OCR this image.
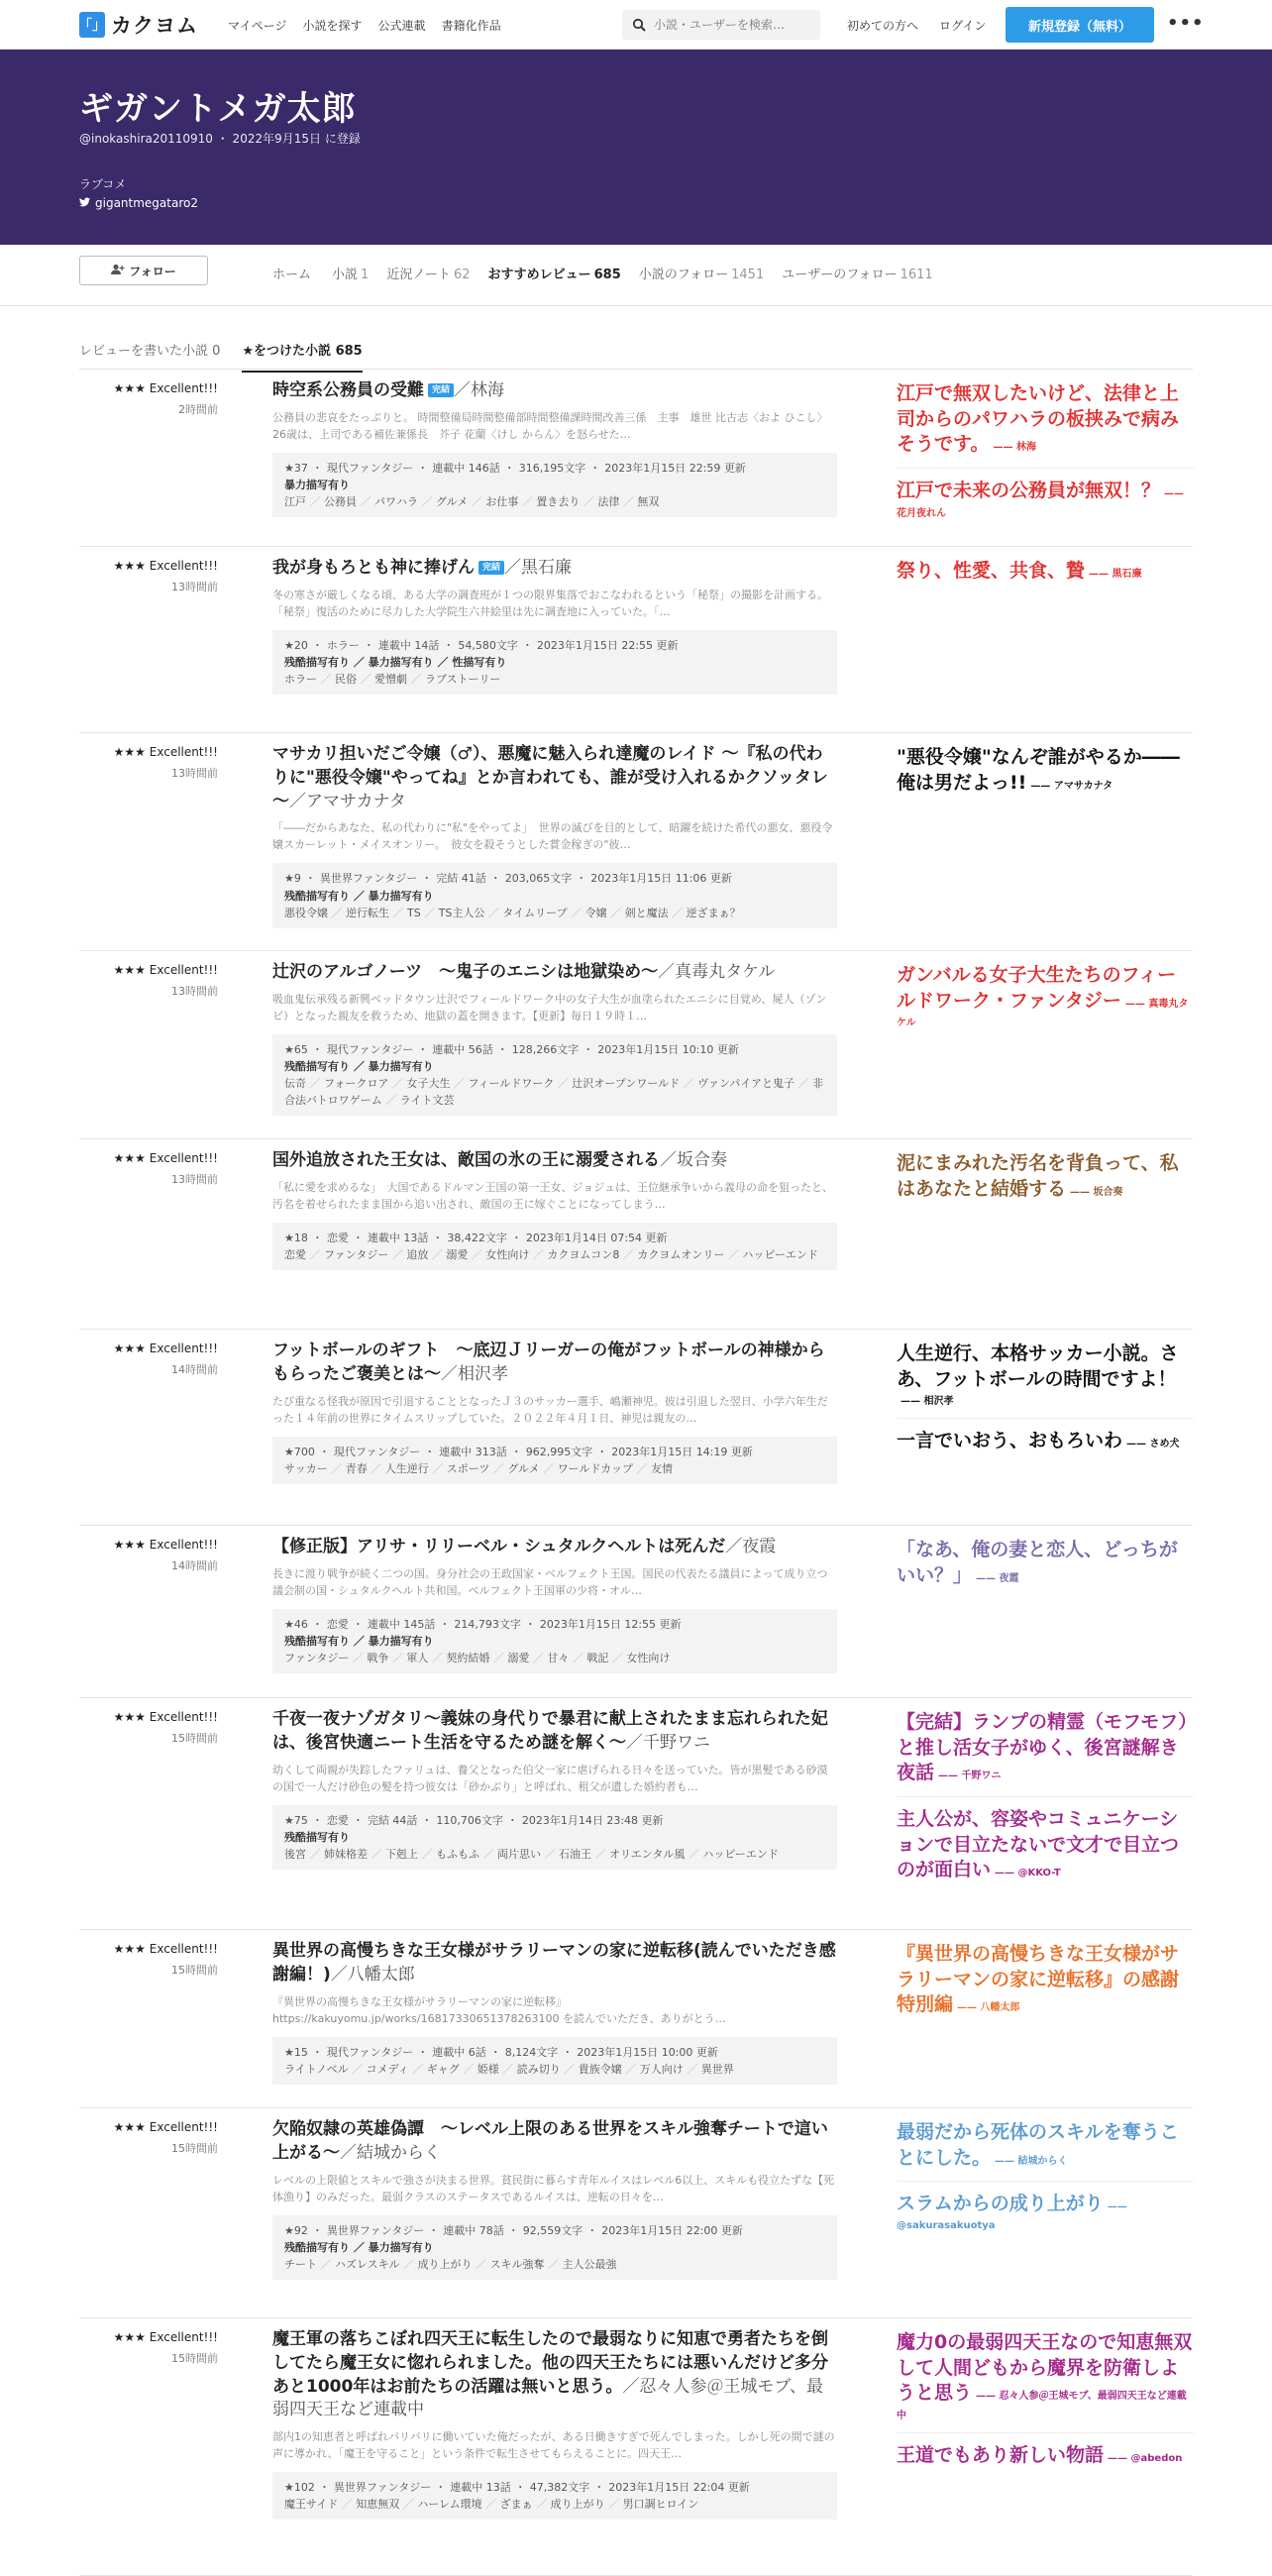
「」 カクヨム	マイページ 小説を探す 公式連載 書籍化作品
小説・ユーザーを検索…	初めての方へ ログイン	新規登録（無料）	•••
ギガントメガ太郎
@inokashira20110910 ・ 2022年9月15日 に登録
ラブコメ
gigantmegataro2
フォロー	ホーム 小説 1 近況ノート 62 おすすめレビュー 685 小説のフォロー 1451 ユーザーのフォロー 1611
レビューを書いた小説 0 ★をつけた小説 685
★★★ Excellent!!!
2時間前
時空系公務員の受難 完結 ／林海
公務員の悲哀をたっぷりと。 時間整備局時間整備部時間整備課時間改善三係　主事　雄世 比古志〈およ ひこし〉　26歳は、上司である補佐兼係長　芥子 花蘭〈けし からん〉を怒らせた…
★37 ・ 現代ファンタジー ・ 連載中 146話 ・ 316,195文字 ・ 2023年1月15日 22:59 更新
暴力描写有り
江戸 ／ 公務員 ／ パワハラ ／ グルメ ／ お仕事 ／ 置き去り ／ 法律 ／ 無双
江戸で無双したいけど、法律と上司からのパワハラの板挟みで病みそうです。	—— 林海
江戸で未来の公務員が無双！？—— 花月夜れん
★★★ Excellent!!!
13時間前
我が身もろとも神に捧げん 完結 ／黒石廉
冬の寒さが厳しくなる頃、ある大学の調査班が１つの限界集落でおこなわれるという「秘祭」の撮影を計画する。「秘祭」復活のために尽力した大学院生六井絵里は先に調査地に入っていた。「…
★20 ・ ホラー ・ 連載中 14話 ・ 54,580文字 ・ 2023年1月15日 22:55 更新
残酷描写有り ／ 暴力描写有り ／ 性描写有り
ホラー ／ 民俗 ／ 愛憎劇 ／ ラブストーリー
祭り、性愛、共食、贄	—— 黒石廉
★★★ Excellent!!!
13時間前
マサカリ担いだご令嬢（♂）、悪魔に魅入られ達魔のレイド ～『私の代わりに"悪役令嬢"やってね』とか言われても、誰が受け入れるかクソッタレ～／アマサカナタ
「――だからあなた、私の代わりに"私"をやってよ」　世界の滅びを目的として、暗躍を続けた希代の悪女、悪役令嬢スカーレット・メイスオンリー。　彼女を殺そうとした賞金稼ぎの"彼…
★9 ・ 異世界ファンタジー ・ 完結 41話 ・ 203,065文字 ・ 2023年1月15日 11:06 更新
残酷描写有り ／ 暴力描写有り
悪役令嬢 ／ 逆行転生 ／ TS ／ TS主人公 ／ タイムリープ ／ 令嬢 ／ 剣と魔法 ／ 逆ざまぁ？
"悪役令嬢"なんぞ誰がやるか――俺は男だよっ!!	—— アマサカナタ
★★★ Excellent!!!
13時間前
辻沢のアルゴノーツ　～鬼子のエニシは地獄染め～／真毒丸タケル
吸血鬼伝承残る新興ベッドタウン辻沢でフィールドワーク中の女子大生が血塗られたエニシに目覚め、屍人（ゾンビ）となった親友を救うため、地獄の蓋を開きます。【更新】毎日１９時１…
★65 ・ 現代ファンタジー ・ 連載中 56話 ・ 128,266文字 ・ 2023年1月15日 10:10 更新
残酷描写有り ／ 暴力描写有り
伝奇 ／ フォークロア ／ 女子大生 ／ フィールドワーク ／ 辻沢オープンワールド ／ ヴァンパイアと鬼子 ／ 非合法バトロワゲーム ／ ライト文芸
ガンバルる女子大生たちのフィールドワーク・ファンタジー	—— 真毒丸タケル
★★★ Excellent!!!
13時間前
国外追放された王女は、敵国の氷の王に溺愛される／坂合奏
「私に愛を求めるな」　大国であるドルマン王国の第一王女、ジョジュは、王位継承争いから義母の命を狙ったと、汚名を着せられたまま国から追い出され、敵国の王に嫁ぐことになってしまう…
★18 ・ 恋愛 ・ 連載中 13話 ・ 38,422文字 ・ 2023年1月14日 07:54 更新
恋愛 ／ ファンタジー ／ 追放 ／ 溺愛 ／ 女性向け ／ カクヨムコン8 ／ カクヨムオンリー ／ ハッピーエンド
泥にまみれた汚名を背負って、私はあなたと結婚する	—— 坂合奏
★★★ Excellent!!!
14時間前
フットボールのギフト　～底辺Ｊリーガーの俺がフットボールの神様からもらったご褒美とは～／相沢孝
たび重なる怪我が原因で引退することとなったＪ３のサッカー選手、嶋瀬神児。彼は引退した翌日、小学六年生だった１４年前の世界にタイムスリップしていた。２０２２年４月１日、神児は親友の…
★700 ・ 現代ファンタジー ・ 連載中 313話 ・ 962,995文字 ・ 2023年1月15日 14:19 更新
サッカー ／ 青春 ／ 人生逆行 ／ スポーツ ／ グルメ ／ ワールドカップ ／ 友情
人生逆行、本格サッカー小説。さあ、フットボールの時間ですよ！—— 相沢孝
一言でいおう、おもろいわ	—— さめ犬
★★★ Excellent!!!
14時間前
【修正版】アリサ・リリーベル・シュタルクヘルトは死んだ／夜霞
長きに渡り戦争が続く二つの国。身分社会の王政国家・ベルフェクト王国。国民の代表たる議員によって成り立つ議会制の国・シュタルクヘルト共和国。ベルフェクト王国軍の少将・オル…
★46 ・ 恋愛 ・ 連載中 145話 ・ 214,793文字 ・ 2023年1月15日 12:55 更新
残酷描写有り ／ 暴力描写有り
ファンタジー ／ 戦争 ／ 軍人 ／ 契約結婚 ／ 溺愛 ／ 甘々 ／ 戦記 ／ 女性向け
「なあ、俺の妻と恋人、どっちがいい？」	—— 夜霞
★★★ Excellent!!!
15時間前
千夜一夜ナゾガタリ～義妹の身代りで暴君に献上されたまま忘れられた妃は、後宮快適ニート生活を守るため謎を解く～／千野ワニ
幼くして両親が失踪したファリュは、養父となった伯父一家に虐げられる日々を送っていた。皆が黒髪である砂漠の国で一人だけ砂色の髪を持つ彼女は「砂かぶり」と呼ばれ、租父が遺した婚約者も…
★75 ・ 恋愛 ・ 完結 44話 ・ 110,706文字 ・ 2023年1月14日 23:48 更新
残酷描写有り
後宮 ／ 姉妹格差 ／ 下剋上 ／ もふもふ ／ 両片思い ／ 石油王 ／ オリエンタル風 ／ ハッピーエンド
【完結】ランプの精霊（モフモフ）と推し活女子がゆく、後宮謎解き夜話	—— 千野ワニ
主人公が、容姿やコミュニケーションで目立たないで文才で目立つのが面白い	—— @KKO-T
★★★ Excellent!!!
15時間前
異世界の高慢ちきな王女様がサラリーマンの家に逆転移(読んでいただき感謝編！)／八幡太郎
『異世界の高慢ちきな王女様がサラリーマンの家に逆転移』 https://kakuyomu.jp/works/16817330651378263100 を読んでいただき、ありがとう…
★15 ・ 現代ファンタジー ・ 連載中 6話 ・ 8,124文字 ・ 2023年1月15日 10:00 更新
ライトノベル ／ コメディ ／ ギャグ ／ 姫様 ／ 読み切り ／ 貴族令嬢 ／ 万人向け ／ 異世界
『異世界の高慢ちきな王女様がサラリーマンの家に逆転移』の感謝特別編	—— 八幡太郎
★★★ Excellent!!!
15時間前
欠陥奴隷の英雄偽譚　～レベル上限のある世界をスキル強奪チートで這い上がる～／結城からく
レベルの上限値とスキルで強さが決まる世界。貧民街に暮らす青年ルイスはレベル6以上、スキルも役立たずな【死体漁り】のみだった。最弱クラスのステータスであるルイスは、逆転の日々を…
★92 ・ 異世界ファンタジー ・ 連載中 78話 ・ 92,559文字 ・ 2023年1月15日 22:00 更新
残酷描写有り ／ 暴力描写有り
チート ／ ハズレスキル ／ 成り上がり ／ スキル強奪 ／ 主人公最強
最弱だから死体のスキルを奪うことにした。	—— 結城からく
スラムからの成り上がり—— @sakurasakuotya
★★★ Excellent!!!
15時間前
魔王軍の落ちこぼれ四天王に転生したので最弱なりに知恵で勇者たちを倒してたら魔王女に惚れられました。他の四天王たちには悪いんだけど多分あと1000年はお前たちの活躍は無いと思う。／忍々人参＠王城モブ、最弱四天王など連載中
部内1の知恵者と呼ばれバリバリに働いていた俺だったが、ある日働きすぎで死んでしまった。しかし死の間で謎の声に導かれ、「魔王を守ること」という条件で転生させてもらえることに。四天王…
★102 ・ 異世界ファンタジー ・ 連載中 13話 ・ 47,382文字 ・ 2023年1月15日 22:04 更新
魔王サイド ／ 知恵無双 ／ ハーレム環境 ／ ざまぁ ／ 成り上がり ／ 男口調ヒロイン
魔力0の最弱四天王なので知恵無双して人間どもから魔界を防衛しようと思う	—— 忍々人参＠王城モブ、最弱四天王など連載中
王道でもあり新しい物語	—— @abedon
